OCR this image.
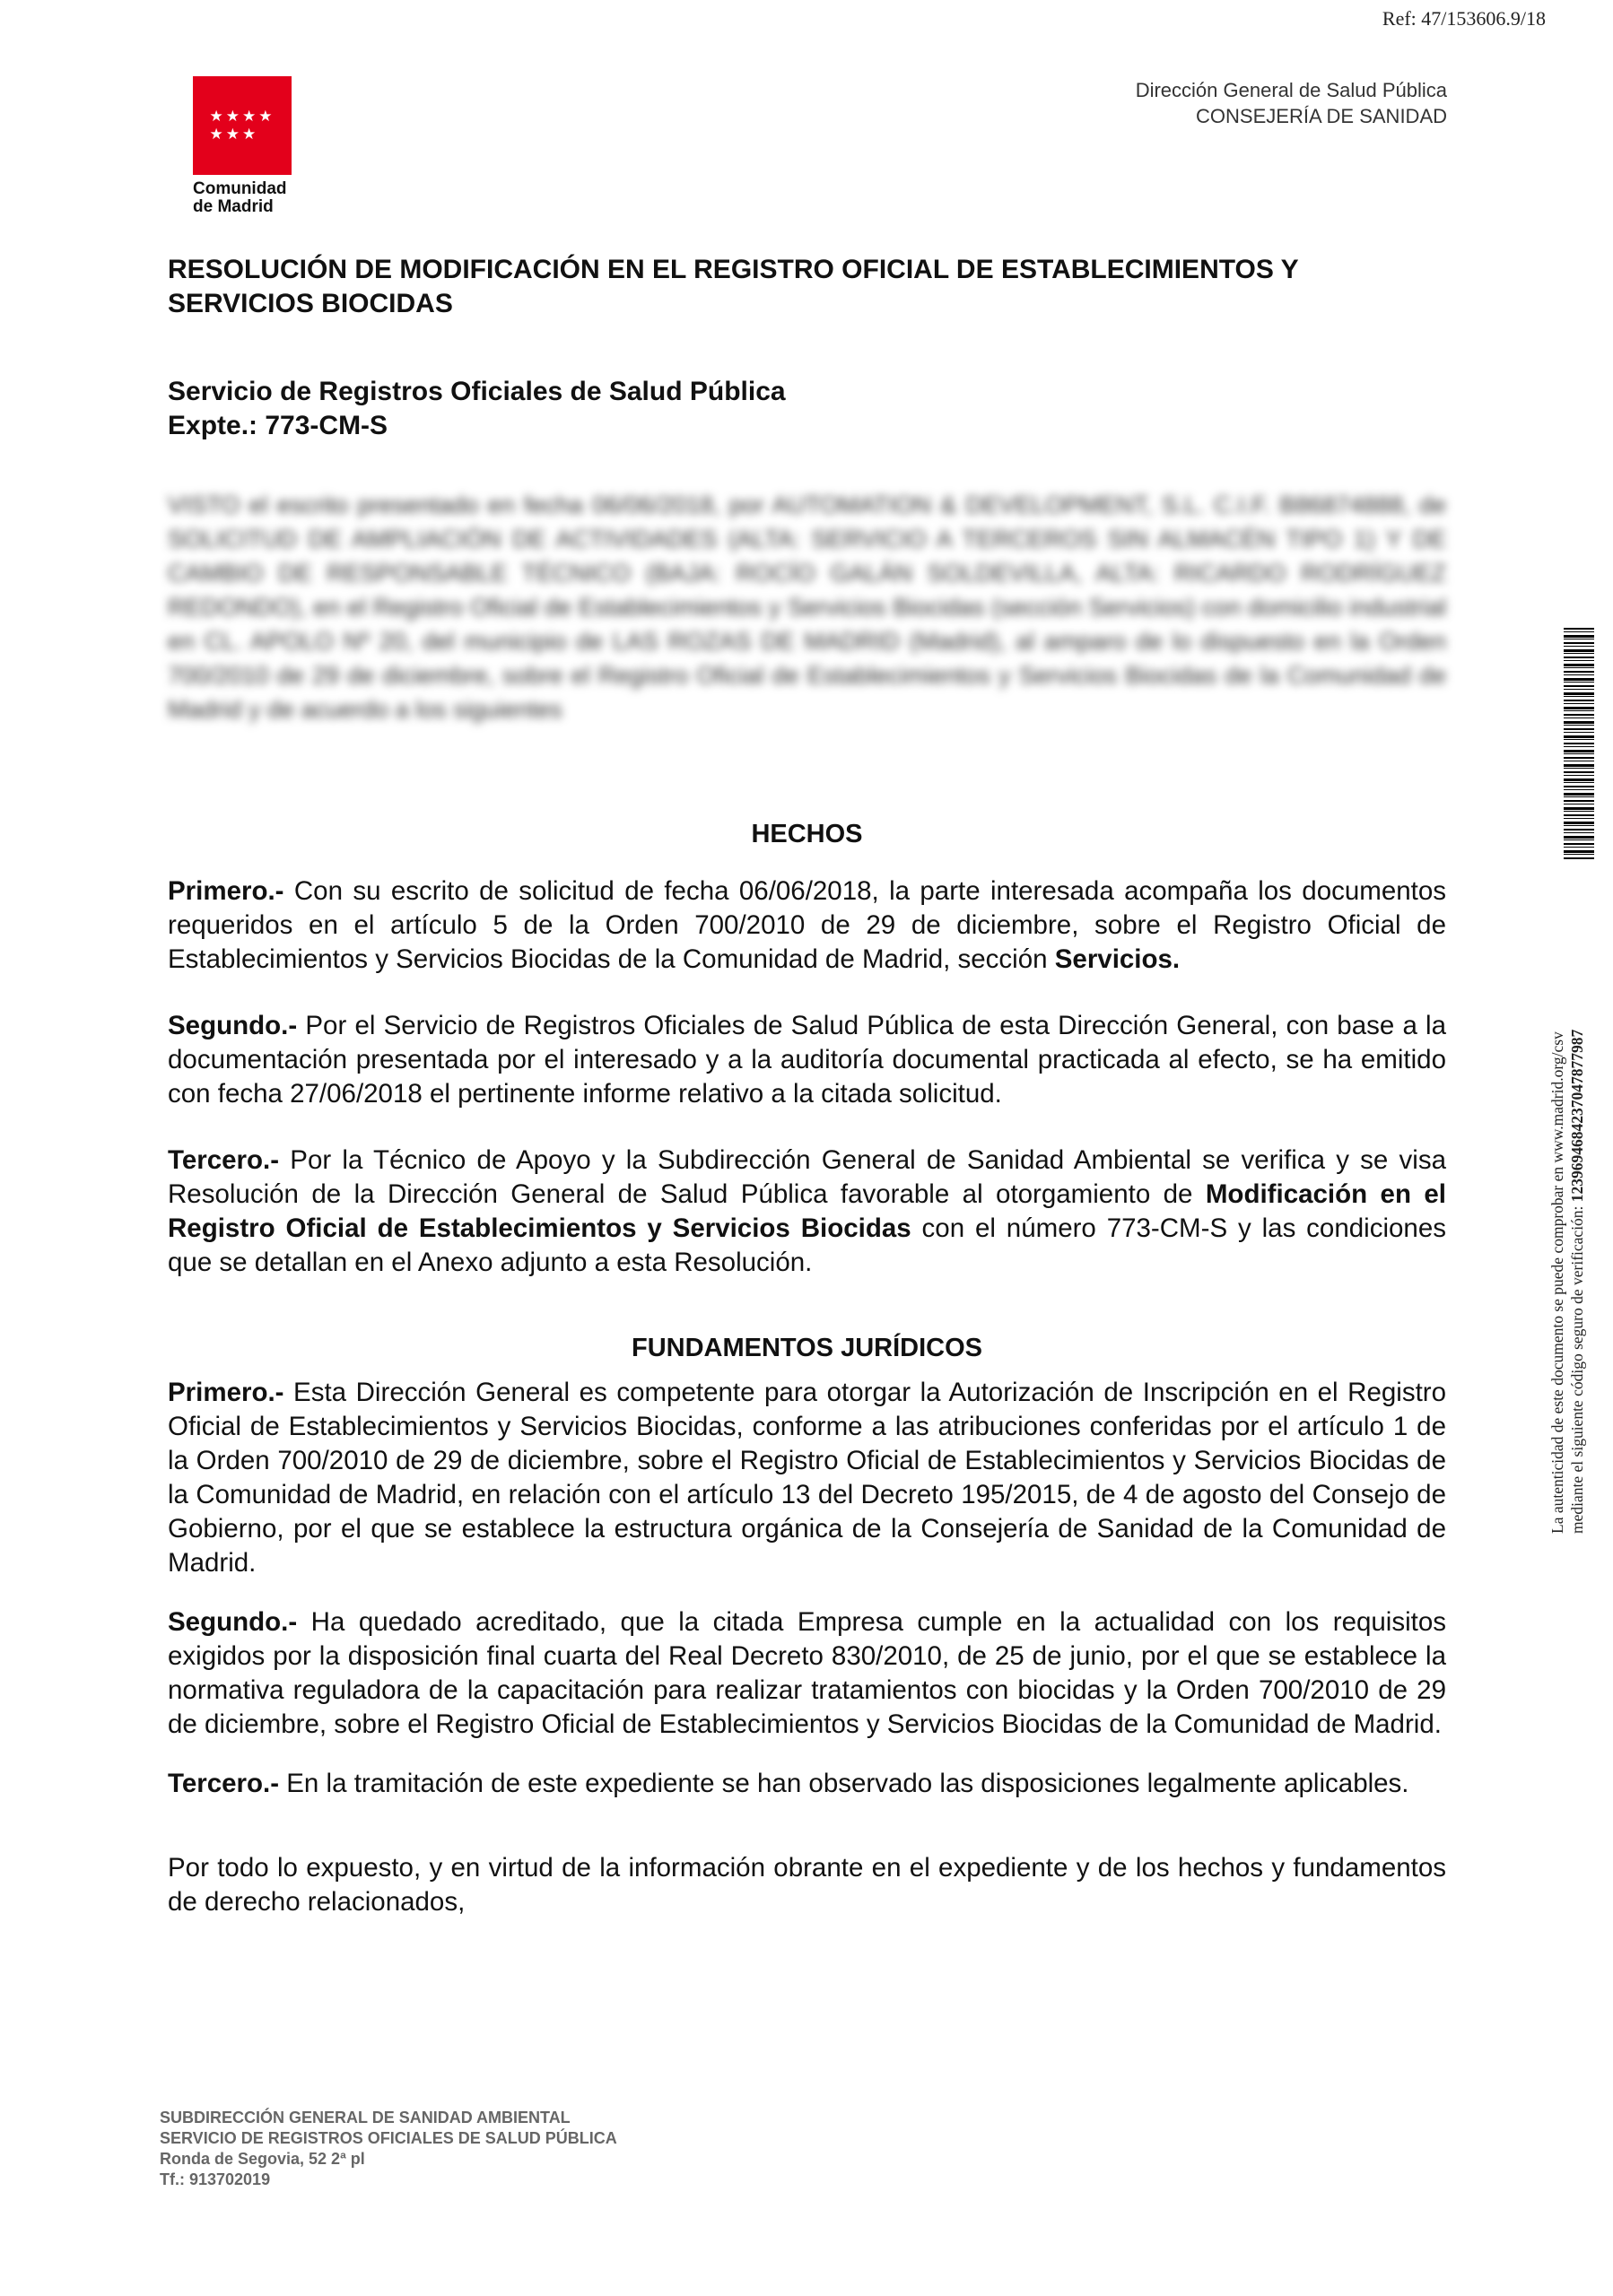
Ref: 47/153606.9/18
★★★★
★★★
Comunidad
de Madrid
Dirección General de Salud Pública
CONSEJERÍA DE SANIDAD
RESOLUCIÓN DE MODIFICACIÓN EN EL REGISTRO OFICIAL DE ESTABLECIMIENTOS Y SERVICIOS BIOCIDAS
Servicio de Registros Oficiales de Salud Pública
Expte.: 773-CM-S
VISTO el escrito presentado en fecha 06/06/2018, por AUTOMATION & DEVELOPMENT, S.L. C.I.F. B86874888, de SOLICITUD DE AMPLIACIÓN DE ACTIVIDADES (ALTA: SERVICIO A TERCEROS SIN ALMACÉN TIPO 1) Y DE CAMBIO DE RESPONSABLE TÉCNICO (BAJA: ROCÍO GALÁN SOLDEVILLA, ALTA: RICARDO RODRÍGUEZ REDONDO), en el Registro Oficial de Establecimientos y Servicios Biocidas (sección Servicios) con domicilio industrial en CL. APOLO Nº 20, del municipio de LAS ROZAS DE MADRID (Madrid), al amparo de lo dispuesto en la Orden 700/2010 de 29 de diciembre, sobre el Registro Oficial de Establecimientos y Servicios Biocidas de la Comunidad de Madrid y de acuerdo a los siguientes
HECHOS

Primero.- Con su escrito de solicitud de fecha 06/06/2018, la parte interesada acompaña los documentos requeridos en el artículo 5 de la Orden 700/2010 de 29 de diciembre, sobre el Registro Oficial de Establecimientos y Servicios Biocidas de la Comunidad de Madrid, sección Servicios.

Segundo.- Por el Servicio de Registros Oficiales de Salud Pública de esta Dirección General, con base a la documentación presentada por el interesado y a la auditoría documental practicada al efecto, se ha emitido con fecha 27/06/2018 el pertinente informe relativo a la citada solicitud.

Tercero.- Por la Técnico de Apoyo y la Subdirección General de Sanidad Ambiental se verifica y se visa Resolución de la Dirección General de Salud Pública favorable al otorgamiento de Modificación en el Registro Oficial de Establecimientos y Servicios Biocidas con el número 773-CM-S y las condiciones que se detallan en el Anexo adjunto a esta Resolución.

FUNDAMENTOS JURÍDICOS

Primero.- Esta Dirección General es competente para otorgar la Autorización de Inscripción en el Registro Oficial de Establecimientos y Servicios Biocidas, conforme a las atribuciones conferidas por el artículo 1 de la Orden 700/2010 de 29 de diciembre, sobre el Registro Oficial de Establecimientos y Servicios Biocidas de la Comunidad de Madrid, en relación con el artículo 13 del Decreto 195/2015, de 4 de agosto del Consejo de Gobierno, por el que se establece la estructura orgánica de la Consejería de Sanidad de la Comunidad de Madrid.

Segundo.- Ha quedado acreditado, que la citada Empresa cumple en la actualidad con los requisitos exigidos por la disposición final cuarta del Real Decreto 830/2010, de 25 de junio, por el que se establece la normativa reguladora de la capacitación para realizar tratamientos con biocidas y la Orden 700/2010 de 29 de diciembre, sobre el Registro Oficial de Establecimientos y Servicios Biocidas de la Comunidad de Madrid.

Tercero.- En la tramitación de este expediente se han observado las disposiciones legalmente aplicables.

Por todo lo expuesto, y en virtud de la información obrante en el expediente y de los hechos y fundamentos de derecho relacionados,

SUBDIRECCIÓN GENERAL DE SANIDAD AMBIENTAL
SERVICIO DE REGISTROS OFICIALES DE SALUD PÚBLICA
Ronda de Segovia, 52 2ª pl
Tf.: 913702019
La autenticidad de este documento se puede comprobar en www.madrid.org/csv mediante el siguiente código seguro de verificación: 1239694684237047877987
